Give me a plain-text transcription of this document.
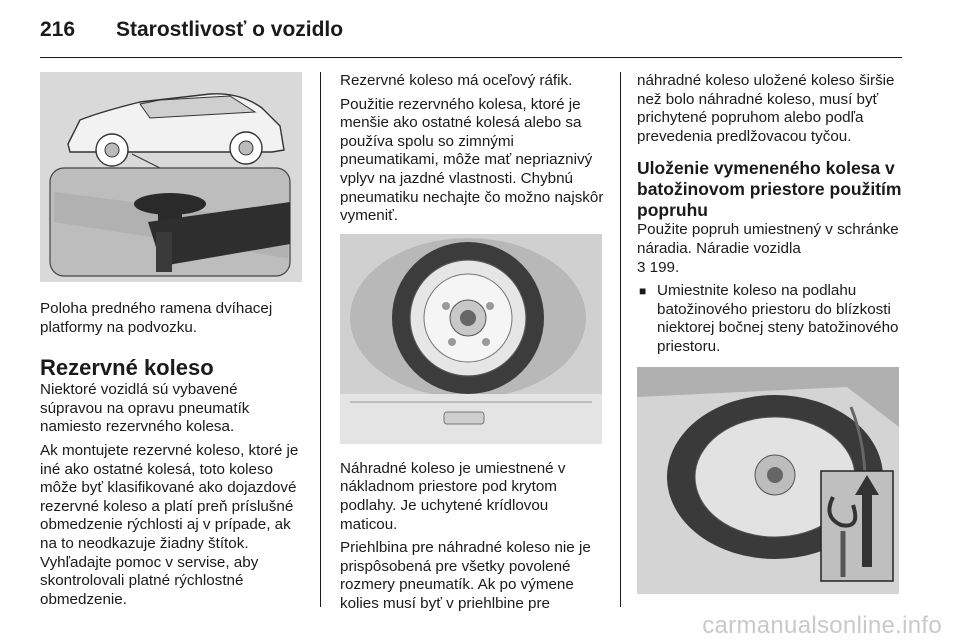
216 Starostlivosť o vozidlo

Poloha predného ramena dvíhacej platformy na podvozku.

Rezervné koleso

Niektoré vozidlá sú vybavené súpravou na opravu pneumatík namiesto rezervného kolesa.

Ak montujete rezervné koleso, ktoré je iné ako ostatné kolesá, toto koleso môže byť klasifikované ako dojazdové rezervné koleso a platí preň príslušné obmedzenie rýchlosti aj v prípade, ak na to neodkazuje žiadny štítok. Vyhľadajte pomoc v servise, aby skontrolovali platné rýchlostné obmedzenie.

Rezervné koleso má oceľový ráfik.

Použitie rezervného kolesa, ktoré je menšie ako ostatné kolesá alebo sa používa spolu so zimnými pneumatikami, môže mať nepriaznivý vplyv na jazdné vlastnosti. Chybnú pneumatiku nechajte čo možno najskôr vymeniť.

Náhradné koleso je umiestnené v nákladnom priestore pod krytom podlahy. Je uchytené krídlovou maticou.

Priehlbina pre náhradné koleso nie je prispôsobená pre všetky povolené rozmery pneumatík. Ak po výmene kolies musí byť v priehlbine pre

náhradné koleso uložené koleso širšie než bolo náhradné koleso, musí byť prichytené popruhom alebo podľa prevedenia predlžovacou tyčou.

Uloženie vymeneného kolesa v batožinovom priestore použitím popruhu

Použite popruh umiestnený v schránke náradia. Náradie vozidla

3 199.

■ Umiestnite koleso na podlahu batožinového priestoru do blízkosti niektorej bočnej steny batožinového priestoru.
carmanualsonline.info
